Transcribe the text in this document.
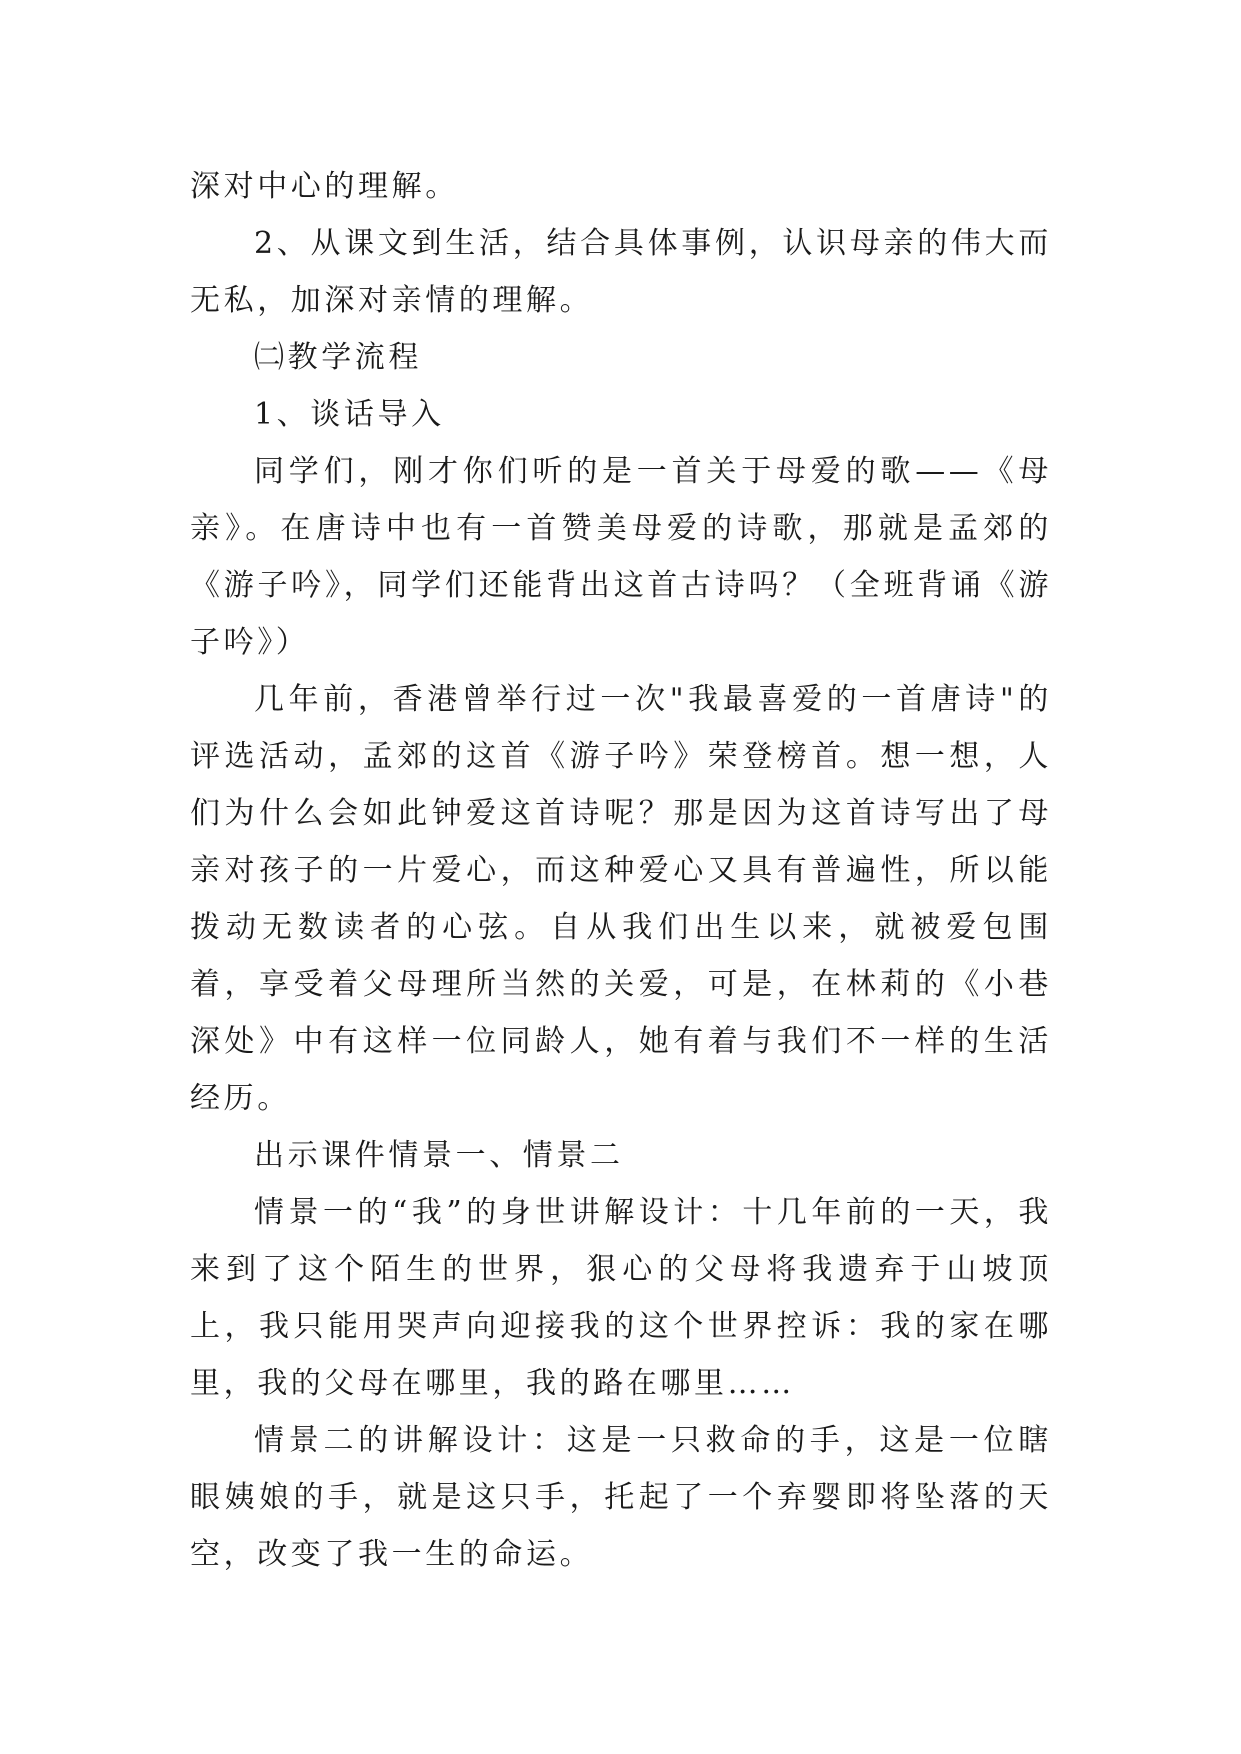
深对中心的理解。

2、从课文到生活，结合具体事例，认识母亲的伟大而无私，加深对亲情的理解。

㈡教学流程

1、谈话导入

同学们，刚才你们听的是一首关于母爱的歌——《母亲》。在唐诗中也有一首赞美母爱的诗歌，那就是孟郊的《游子吟》，同学们还能背出这首古诗吗？（全班背诵《游子吟》）

几年前，香港曾举行过一次"我最喜爱的一首唐诗"的评选活动，孟郊的这首《游子吟》荣登榜首。想一想，人们为什么会如此钟爱这首诗呢？那是因为这首诗写出了母亲对孩子的一片爱心，而这种爱心又具有普遍性，所以能拨动无数读者的心弦。自从我们出生以来，就被爱包围着，享受着父母理所当然的关爱，可是，在林莉的《小巷深处》中有这样一位同龄人，她有着与我们不一样的生活经历。

出示课件情景一、情景二

情景一的“我”的身世讲解设计：十几年前的一天，我来到了这个陌生的世界，狠心的父母将我遗弃于山坡顶上，我只能用哭声向迎接我的这个世界控诉：我的家在哪里，我的父母在哪里，我的路在哪里……

情景二的讲解设计：这是一只救命的手，这是一位瞎眼姨娘的手，就是这只手，托起了一个弃婴即将坠落的天空，改变了我一生的命运。
